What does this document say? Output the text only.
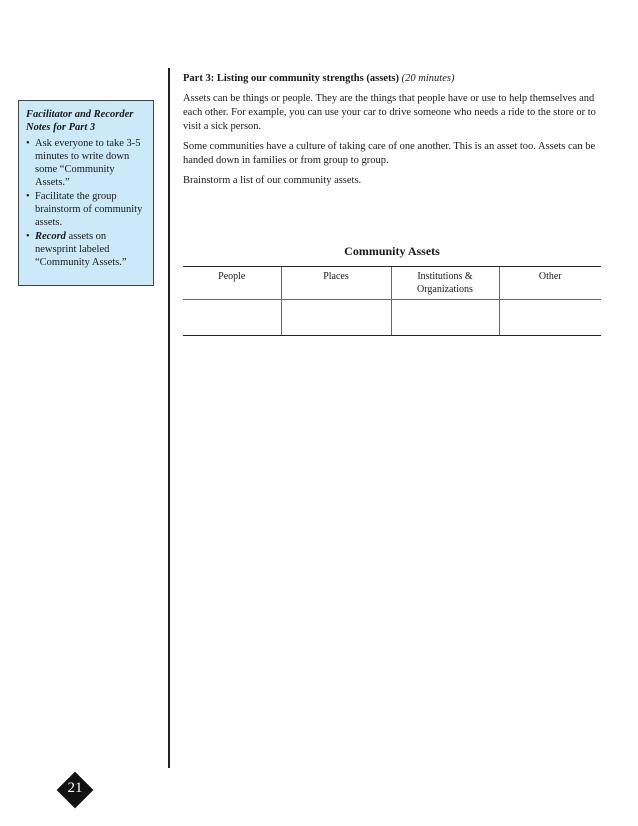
Facilitator and Recorder
Notes for Part 3
• Ask everyone to take 3-5 minutes to write down some “Community Assets.”
• Facilitate the group brainstorm of community assets.
• Record assets on newsprint labeled “Community Assets.”

Part 3: Listing our community strengths (assets) (20 minutes)

Assets can be things or people. They are the things that people have or use to help themselves and each other. For example, you can use your car to drive someone who needs a ride to the store or to visit a sick person.

Some communities have a culture of taking care of one another. This is an asset too. Assets can be handed down in families or from group to group.

Brainstorm a list of our community assets.

Community Assets
People	Places	Institutions & Organizations	Other

21
